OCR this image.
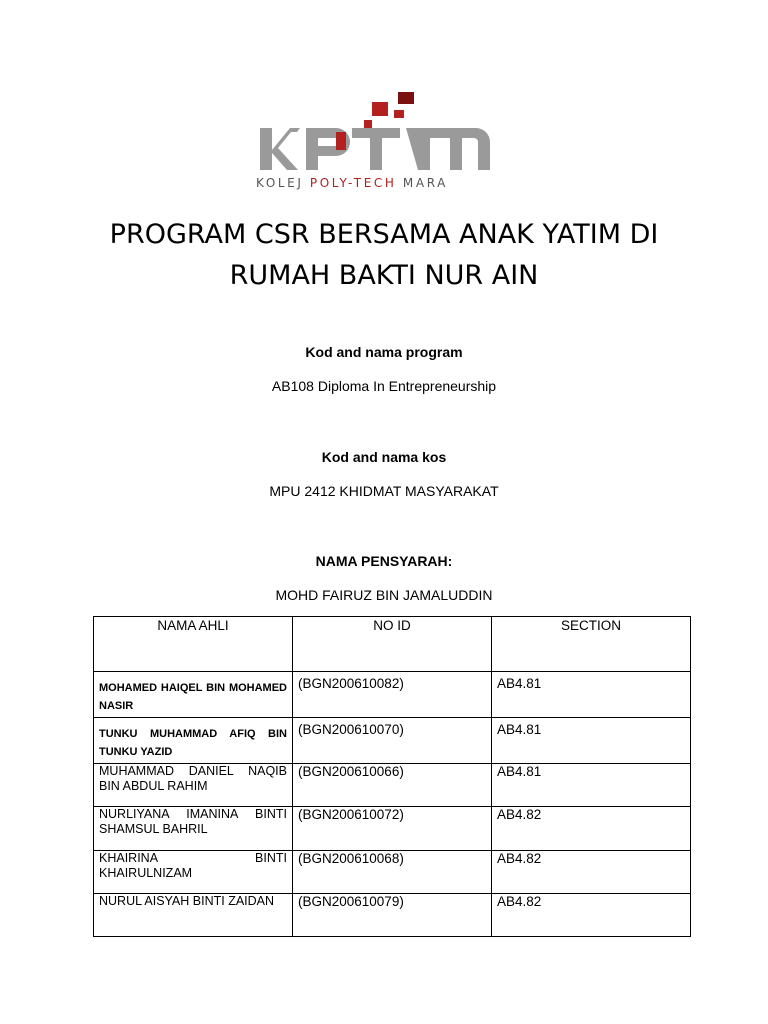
KOLEJ POLY-TECH MARA
PROGRAM CSR BERSAMA ANAK YATIM DI
RUMAH BAKTI NUR AIN
Kod and nama program
AB108 Diploma In Entrepreneurship
Kod and nama kos
MPU 2412 KHIDMAT MASYARAKAT
NAMA PENSYARAH:
MOHD FAIRUZ BIN JAMALUDDIN
NAMA AHLI	NO ID	SECTION
MOHAMED HAIQEL BIN MOHAMED NASIR	(BGN200610082)	AB4.81
TUNKU MUHAMMAD AFIQ BIN TUNKU YAZID	(BGN200610070)	AB4.81
MUHAMMAD DANIEL NAQIB BIN ABDUL RAHIM	(BGN200610066)	AB4.81
NURLIYANA IMANINA BINTI SHAMSUL BAHRIL	(BGN200610072)	AB4.82
KHAIRINA BINTI KHAIRULNIZAM	(BGN200610068)	AB4.82
NURUL AISYAH BINTI ZAIDAN	(BGN200610079)	AB4.82
